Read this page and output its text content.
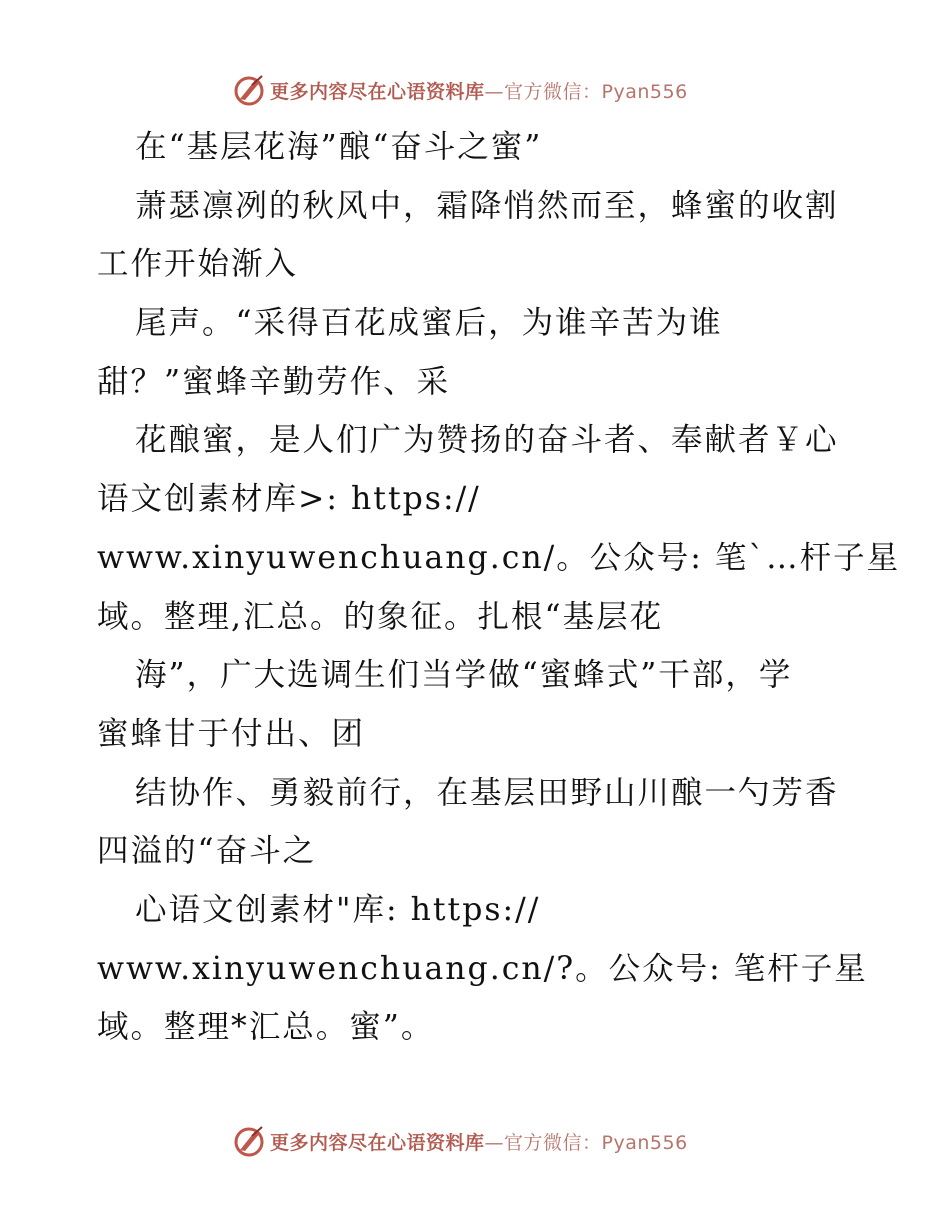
更多内容尽在心语资料库—官方微信：Pyan556
在“基层花海”酿“奋斗之蜜”
萧瑟凛冽的秋风中，霜降悄然而至，蜂蜜的收割
工作开始渐入
尾声。“采得百花成蜜后，为谁辛苦为谁
甜？”蜜蜂辛勤劳作、采
花酿蜜，是人们广为赞扬的奋斗者、奉献者￥心
语文创素材库>: https://
www.xinyuwenchuang.cn/。公众号: 笔`…杆子星
域。整理,汇总。的象征。扎根“基层花
海”，广大选调生们当学做“蜜蜂式”干部，学
蜜蜂甘于付出、团
结协作、勇毅前行，在基层田野山川酿一勺芳香
四溢的“奋斗之
心语文创素材"库: https://
www.xinyuwenchuang.cn/?。公众号: 笔杆子星
域。整理*汇总。蜜”。
更多内容尽在心语资料库—官方微信：Pyan556
